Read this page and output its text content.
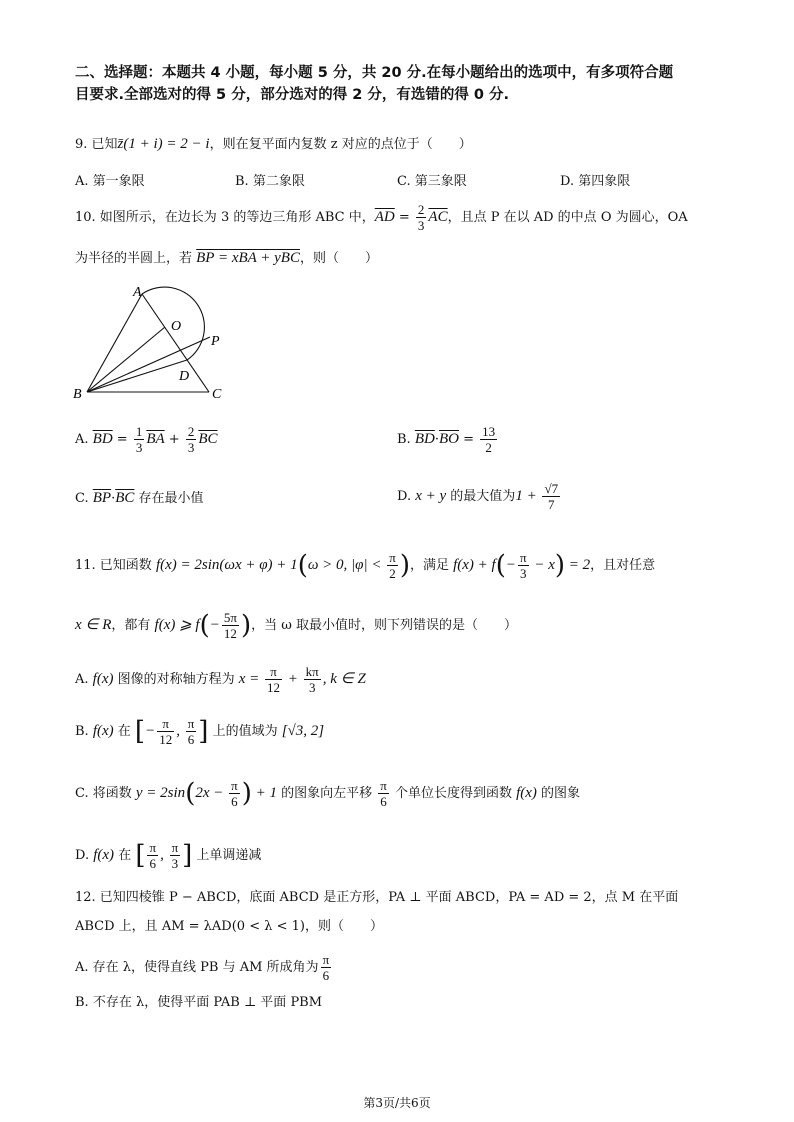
二、选择题：本题共 4 小题，每小题 5 分，共 20 分.在每小题给出的选项中，有多项符合题
目要求.全部选对的得 5 分，部分选对的得 2 分，有选错的得 0 分.
9. 已知z̄(1 + i) = 2 − i，则在复平面内复数 z 对应的点位于（　　）
A. 第一象限	B. 第二象限	C. 第三象限	D. 第四象限
10. 如图所示，在边长为 3 的等边三角形 ABC 中，$\overline{AD} = \frac{2}{3} \overline{AC}$，且点 P 在以 AD 的中点 O 为圆心，OA
为半径的半圆上，若 BP = xBA + yBC，则（　　）
A
O
P
D
B	C
A. $\overline{BD} = \frac{1}{3} \overline{BA} + \frac{2}{3} \overline{BC}$	B. $\overline{BD}\cdot\overline{BO} = \frac{13}{2}$
C. $\overline{BP}\cdot\overline{BC}$ 存在最小值	D. x + y 的最大值为$1 + \frac{√7}{7}$
11. 已知函数 f(x) = 2sin(ωx + φ) + 1(ω > 0, $|\varphi| < \frac{\pi}{2}$ )，满足 $f(x) + f(- \frac{\pi}{3} - x) = 2$，且对任意
x ∈ R，都有 f(x) ⩾ $f(- \frac{5\pi}{12}$ )，当 ω 取最小值时，则下列错误的是（　　）
A. f(x) 图像的对称轴方程为 $x = \frac{\pi}{12} + \frac{k\pi}{3}$ , k ∈ Z
B. f(x) 在 [− $\frac{\pi}{12}$ , $\frac{\pi}{6}$ ] 上的值域为 [√3, 2]
C. 将函数 $y = 2\sin(2x - \frac{\pi}{6}$ ) + 1 的图象向左平移 $\frac{\pi}{6}$ 个单位长度得到函数 f(x) 的图象
D. f(x) 在 [ $\frac{\pi}{6}$ , $\frac{\pi}{3}$ ] 上单调递减
12. 已知四棱锥 P − ABCD，底面 ABCD 是正方形，PA ⊥ 平面 ABCD，PA = AD = 2，点 M 在平面
ABCD 上，且 AM = λAD(0 < λ < 1)，则（　　）
A. 存在 λ，使得直线 PB 与 AM 所成角为 $\frac{\pi}{6}$
B. 不存在 λ，使得平面 PAB ⊥ 平面 PBM
第3页/共6页
